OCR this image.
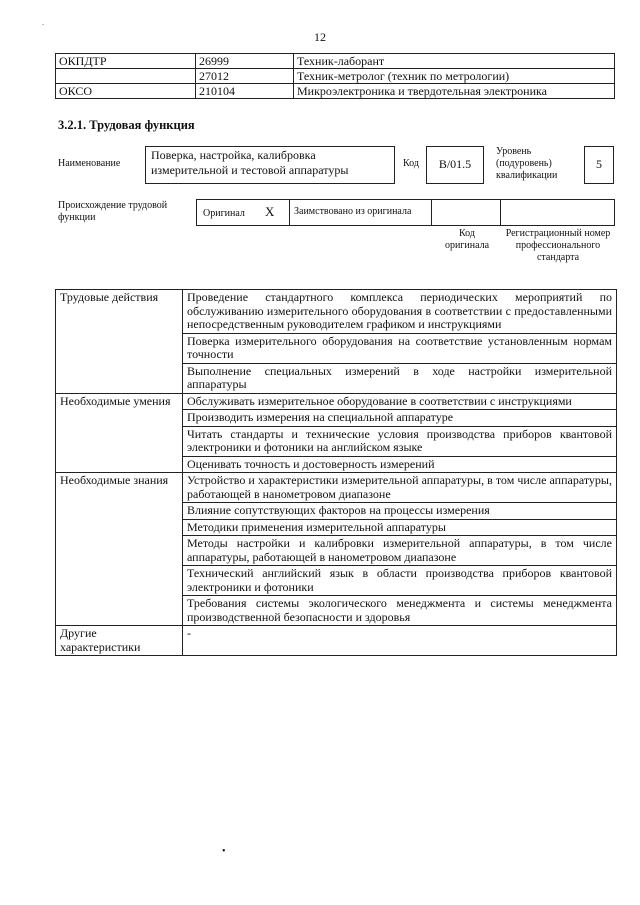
.
12
ОКПДТР	26999	Техник-лаборант
	27012	Техник-метролог (техник по метрологии)
ОКСО	210104	Микроэлектроника и твердотельная электроника
3.2.1. Трудовая функция
Наименование
Поверка, настройка, калибровка измерительной и тестовой аппаратуры	Код	B/01.5
Уровень (подуровень) квалификации
5
Происхождение трудовой функции	Оригинал X	Заимствовано из оригинала
Код оригинала
Регистрационный номер профессионального стандарта
Трудовые действия	Проведение стандартного комплекса периодических мероприятий по обслуживанию измерительного оборудования в соответствии с предоставленными непосредственным руководителем графиком и инструкциями
	Поверка измерительного оборудования на соответствие установленным нормам точности
	Выполнение специальных измерений в ходе настройки измерительной аппаратуры
Необходимые умения	Обслуживать измерительное оборудование в соответствии с инструкциями
	Производить измерения на специальной аппаратуре
	Читать стандарты и технические условия производства приборов квантовой электроники и фотоники на английском языке
	Оценивать точность и достоверность измерений
Необходимые знания	Устройство и характеристики измерительной аппаратуры, в том числе аппаратуры, работающей в нанометровом диапазоне
	Влияние сопутствующих факторов на процессы измерения
	Методики применения измерительной аппаратуры
	Методы настройки и калибровки измерительной аппаратуры, в том числе аппаратуры, работающей в нанометровом диапазоне
	Технический английский язык в области производства приборов квантовой электроники и фотоники
	Требования системы экологического менеджмента и системы менеджмента производственной безопасности и здоровья
Другие характеристики	-
•
